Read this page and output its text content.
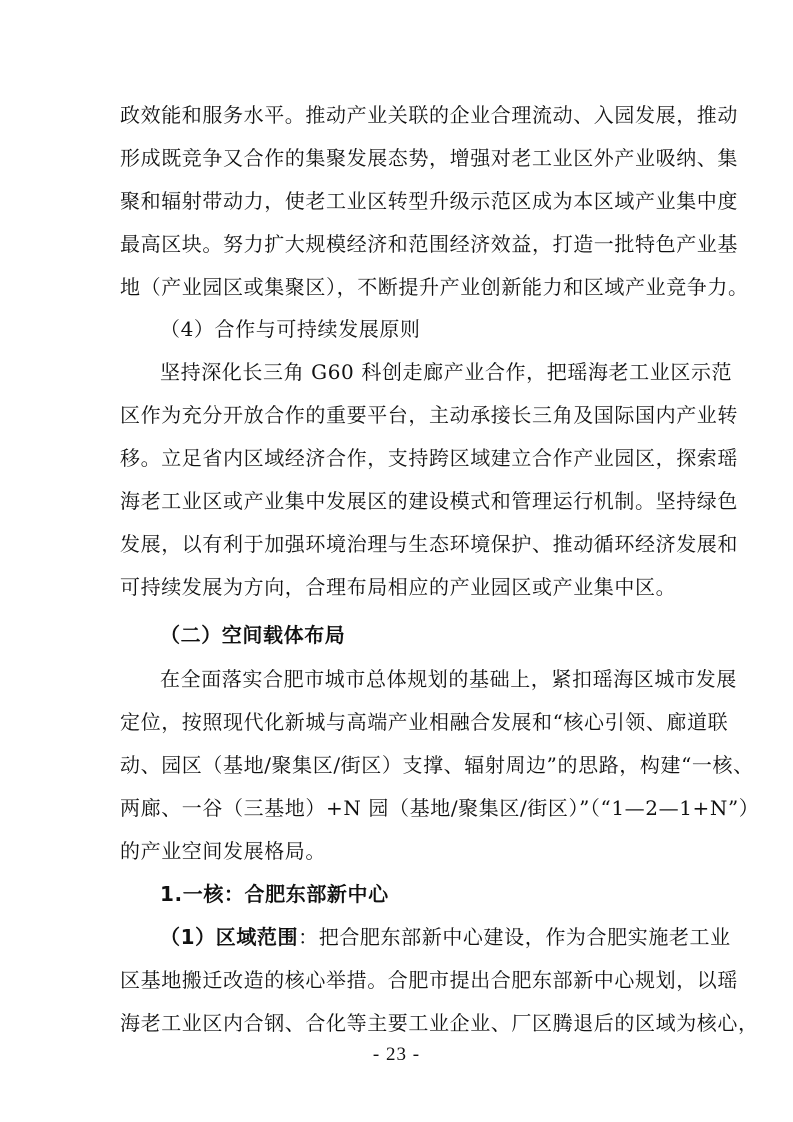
政效能和服务水平。推动产业关联的企业合理流动、入园发展，推动
形成既竞争又合作的集聚发展态势，增强对老工业区外产业吸纳、集
聚和辐射带动力，使老工业区转型升级示范区成为本区域产业集中度
最高区块。努力扩大规模经济和范围经济效益，打造一批特色产业基
地（产业园区或集聚区），不断提升产业创新能力和区域产业竞争力。
（4）合作与可持续发展原则
坚持深化长三角 G60 科创走廊产业合作，把瑶海老工业区示范
区作为充分开放合作的重要平台，主动承接长三角及国际国内产业转
移。立足省内区域经济合作，支持跨区域建立合作产业园区，探索瑶
海老工业区或产业集中发展区的建设模式和管理运行机制。坚持绿色
发展，以有利于加强环境治理与生态环境保护、推动循环经济发展和
可持续发展为方向，合理布局相应的产业园区或产业集中区。
（二）空间载体布局
在全面落实合肥市城市总体规划的基础上，紧扣瑶海区城市发展
定位，按照现代化新城与高端产业相融合发展和“核心引领、廊道联
动、园区（基地/聚集区/街区）支撑、辐射周边”的思路，构建“一核、
两廊、一谷（三基地）+N 园（基地/聚集区/街区）”（“1—2—1+N”）
的产业空间发展格局。
1.一核：合肥东部新中心
（1）区域范围：把合肥东部新中心建设，作为合肥实施老工业
区基地搬迁改造的核心举措。合肥市提出合肥东部新中心规划，以瑶
海老工业区内合钢、合化等主要工业企业、厂区腾退后的区域为核心，
- 23 -
